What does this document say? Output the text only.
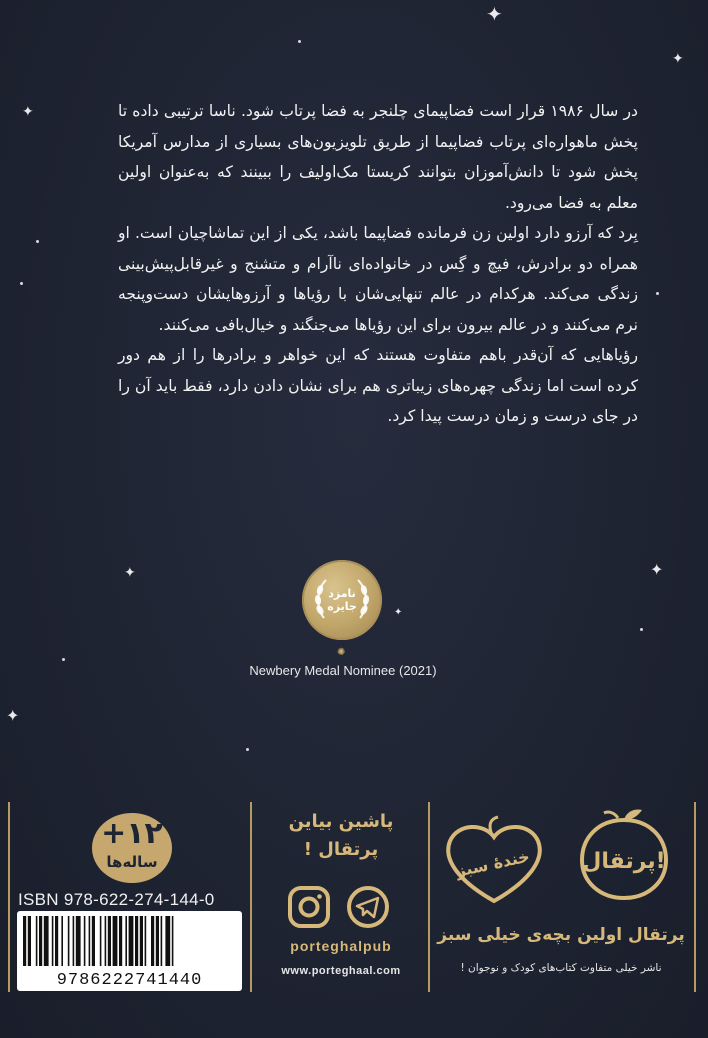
✦
✦
✦
✦	✦
✦
✦

در سال ۱۹۸۶ قرار است فضاپیمای چلنجر به فضا پرتاب شود. ناسا ترتیبی داده تا پخش ماهواره‌ای پرتاب فضاپیما از طریق تلویزیون‌های بسیاری از مدارس آمریکا پخش شود تا دانش‌آموزان بتوانند کریستا مک‌اولیف را ببینند که به‌عنوان اولین معلم به فضا می‌رود.

بِرد که آرزو دارد اولین زن فرمانده فضاپیما باشد، یکی از این تماشاچیان است. او همراه دو برادرش، فیچ و گِس در خانواده‌ای ناآرام و متشنج و غیرقابل‌پیش‌بینی زندگی می‌کند. هرکدام در عالم تنهایی‌شان با رؤیاها و آرزوهایشان دست‌وپنجه نرم می‌کنند و در عالم بیرون برای این رؤیاها می‌جنگند و خیال‌بافی می‌کنند.

رؤیاهایی که آن‌قدر باهم متفاوت هستند که این خواهر و برادرها را از هم دور کرده است اما زندگی چهره‌های زیباتری هم برای نشان دادن دارد، فقط باید آن را در جای درست و زمان درست پیدا کرد.

نامزد
جایزه
✺
Newbery Medal Nominee (2021)
+۱۲
ساله‌ها
ISBN 978-622-274-144-0
9786222741440
پاشین بیاین
پرتقال !
porteghalpub
www.porteghaal.com
پرتقال!
خندهٔ سبز
پرتقال اولین بچه‌ی خیلی سبز
ناشر خیلی متفاوت کتاب‌های کودک و نوجوان !
